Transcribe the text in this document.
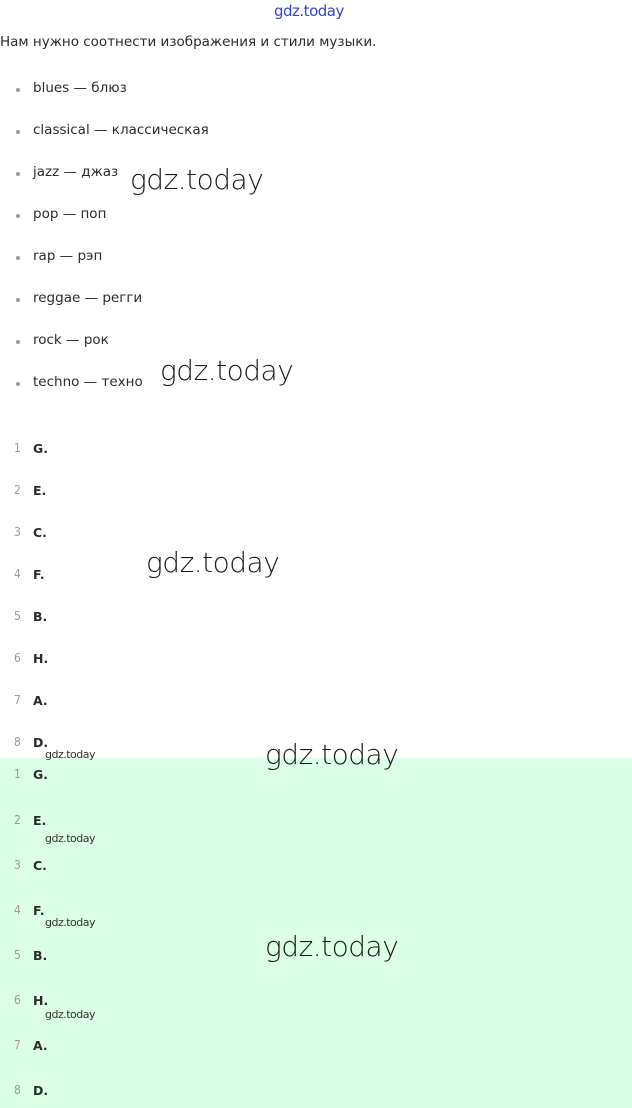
gdz.today
Нам нужно соотнести изображения и стили музыки.
blues — блюз
classical — классическая
jazz — джаз
pop — поп
rap — рэп
reggae — регги
rock — рок
techno — техно
1 G.
2 E.
3 C.
4 F.
5 B.
6 H.
7 A.
8 D.
1 G.
2 E.
3 C.
4 F.
5 B.
6 H.
7 A.
8 D.
gdz.today
gdz.today
gdz.today
gdz.today
gdz.today
gdz.today
gdz.today
gdz.today
gdz.today
